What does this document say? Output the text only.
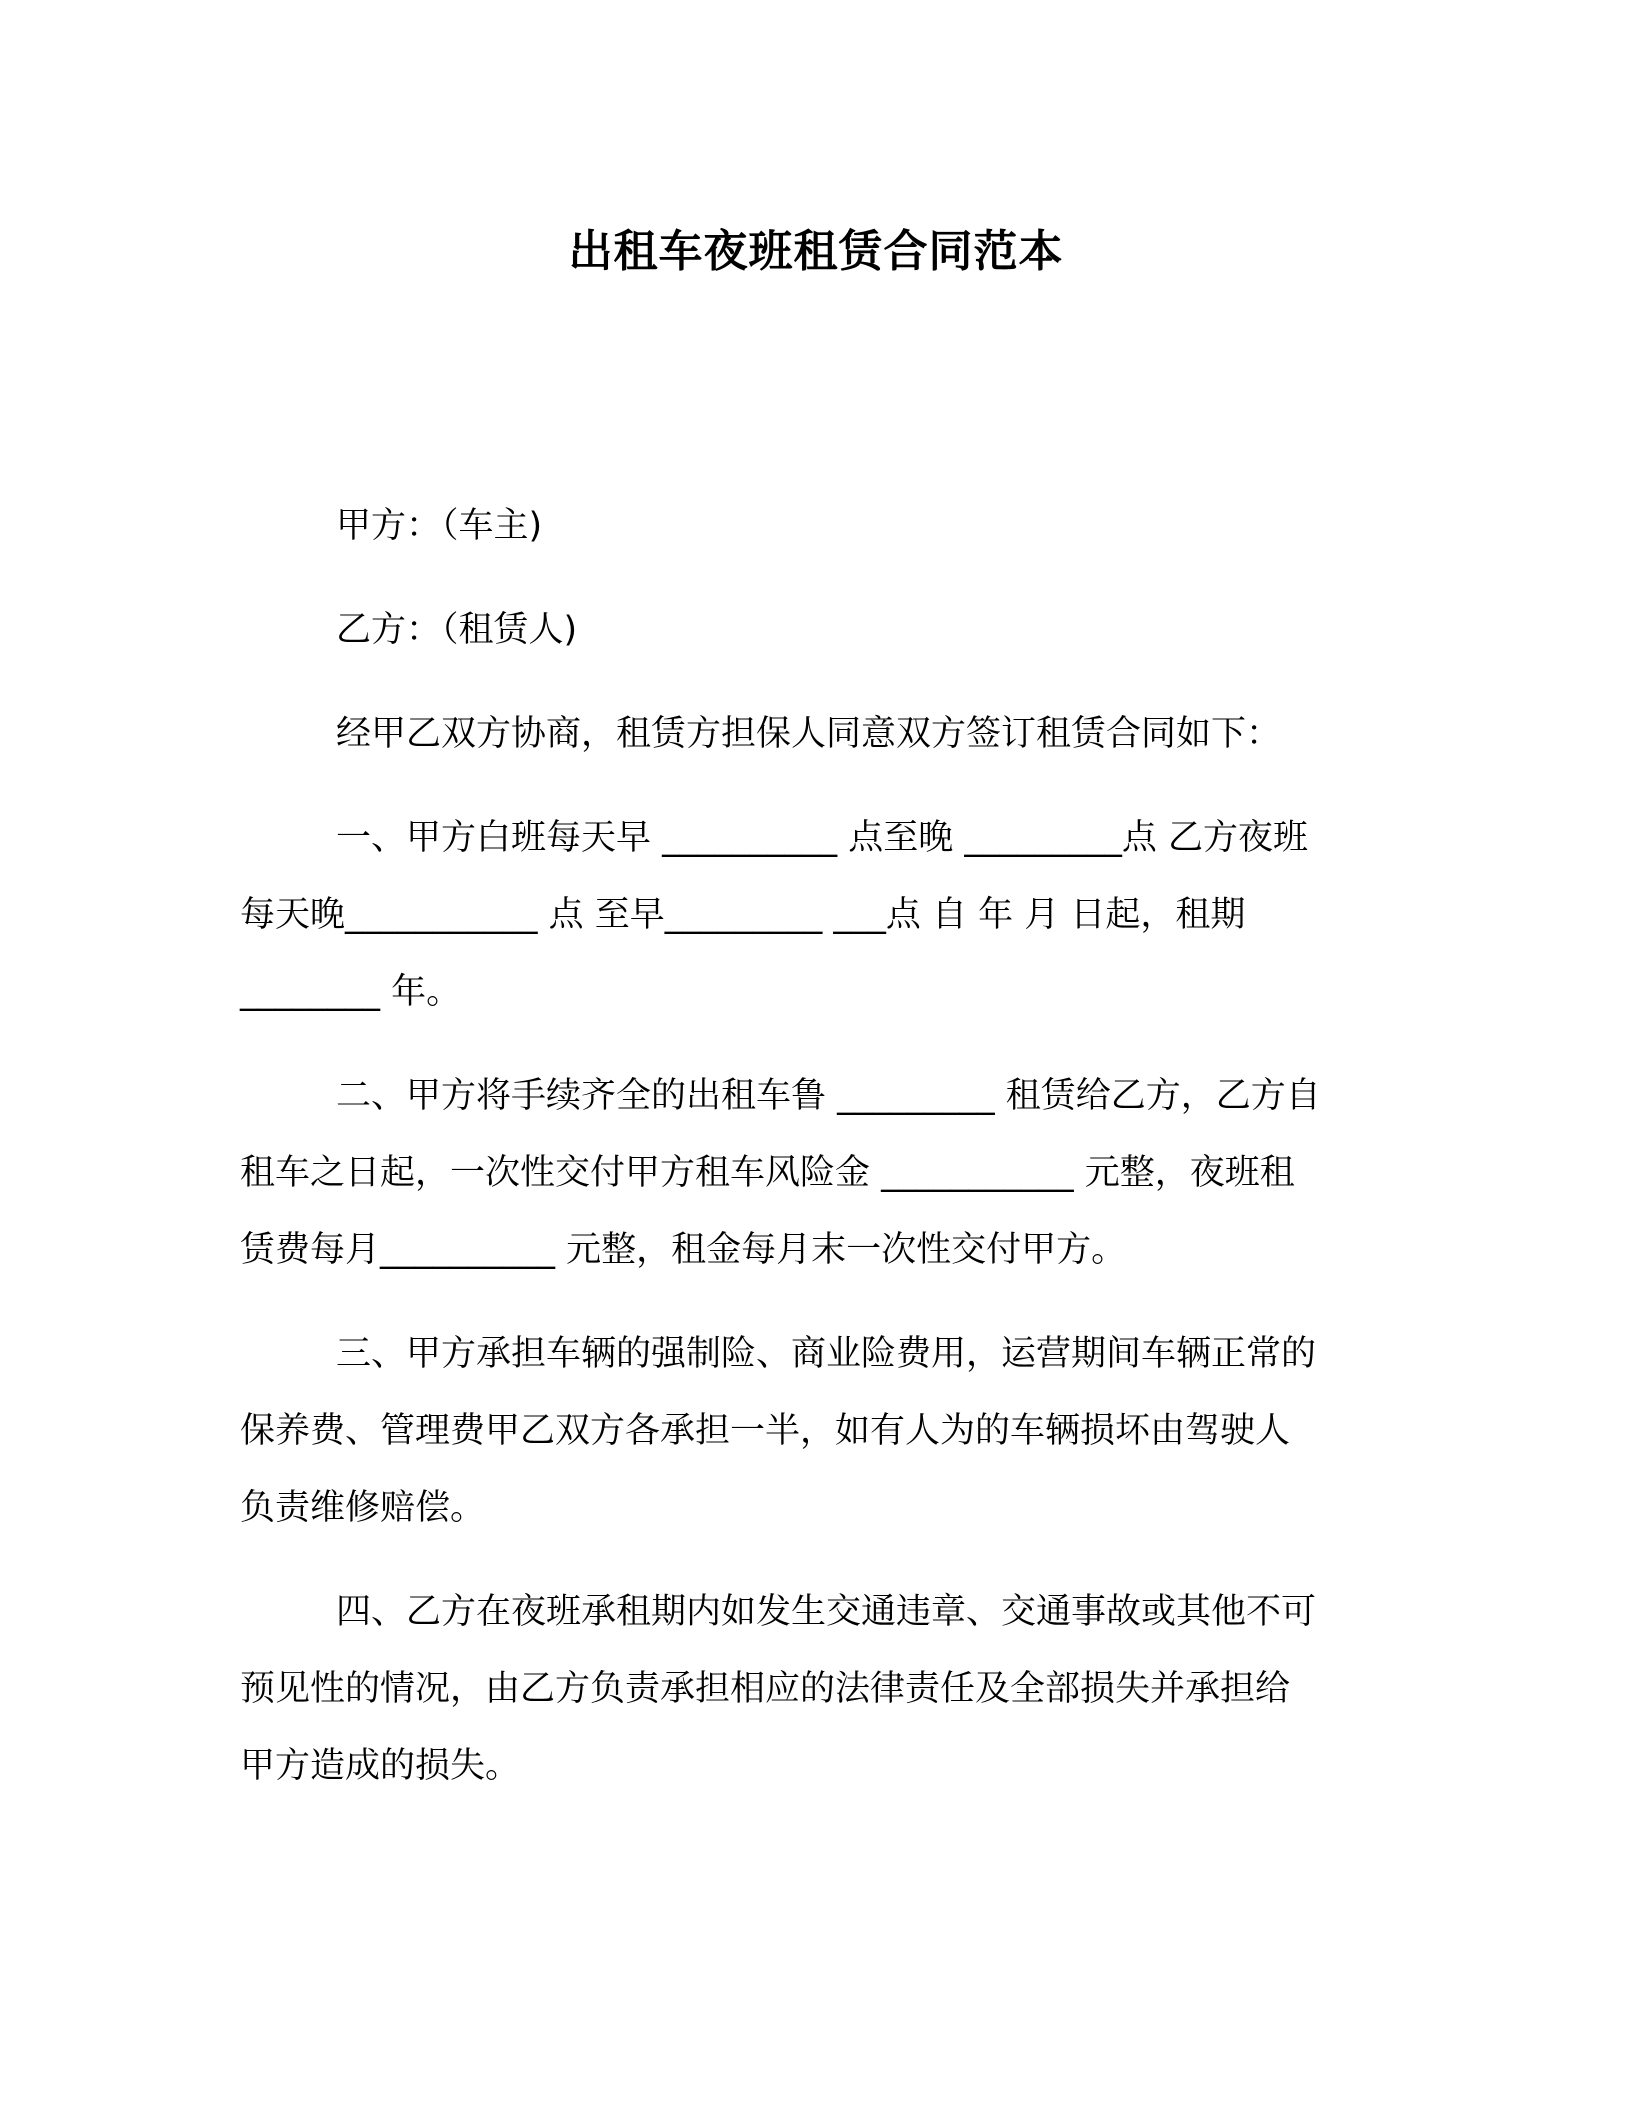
出租车夜班租赁合同范本

甲方：（车主)

乙方：（租赁人)

经甲乙双方协商，租赁方担保人同意双方签订租赁合同如下：

一、甲方白班每天早 __________ 点至晚 _________点 乙方夜班

每天晚___________ 点 至早_________ ___点 自 年 月 日起，租期

________ 年。

二、甲方将手续齐全的出租车鲁 _________ 租赁给乙方，乙方自

租车之日起，一次性交付甲方租车风险金 ___________ 元整，夜班租

赁费每月__________ 元整，租金每月末一次性交付甲方。

三、甲方承担车辆的强制险、商业险费用，运营期间车辆正常的

保养费、管理费甲乙双方各承担一半，如有人为的车辆损坏由驾驶人

负责维修赔偿。

四、乙方在夜班承租期内如发生交通违章、交通事故或其他不可

预见性的情况，由乙方负责承担相应的法律责任及全部损失并承担给

甲方造成的损失。
